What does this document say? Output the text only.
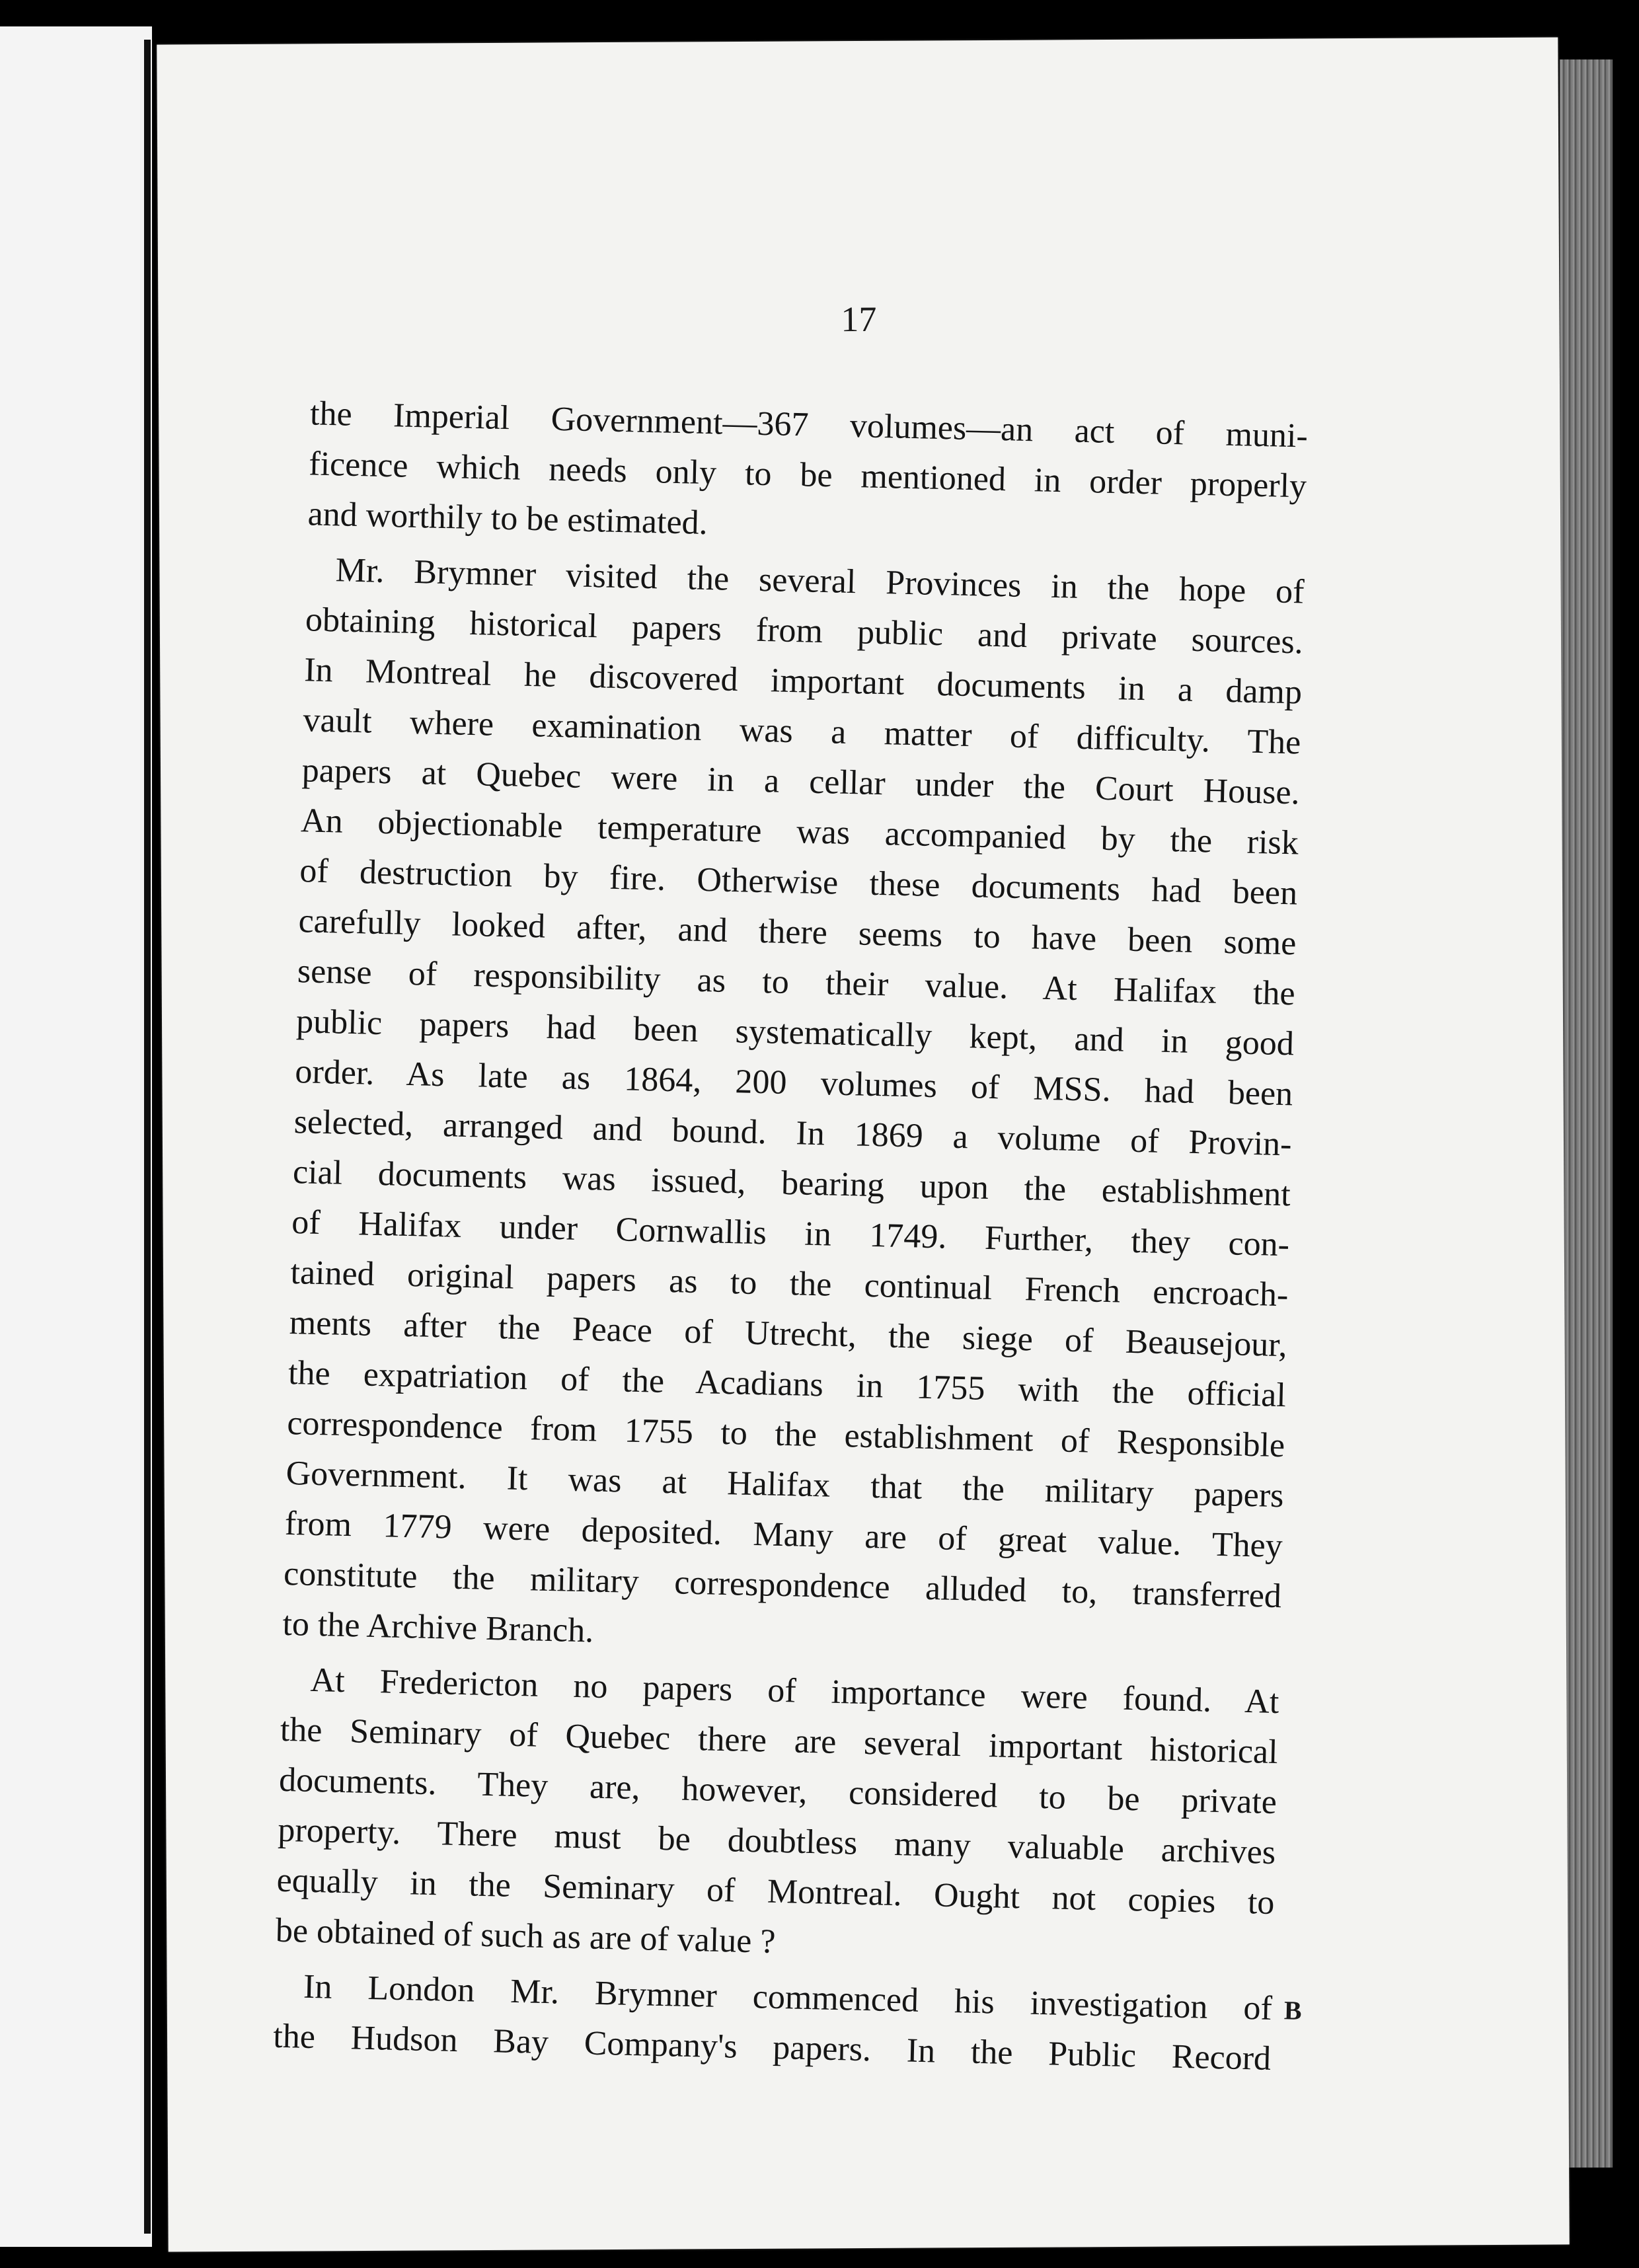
17

the Imperial Government—367 volumes—an act of muni-
ficence which needs only to be mentioned in order properly
and worthily to be estimated.

Mr. Brymner visited the several Provinces in the hope of
obtaining historical papers from public and private sources.
In Montreal he discovered important documents in a damp
vault where examination was a matter of difficulty. The
papers at Quebec were in a cellar under the Court House.
An objectionable temperature was accompanied by the risk
of destruction by fire. Otherwise these documents had been
carefully looked after, and there seems to have been some
sense of responsibility as to their value. At Halifax the
public papers had been systematically kept, and in good
order. As late as 1864, 200 volumes of MSS. had been
selected, arranged and bound. In 1869 a volume of Provin-
cial documents was issued, bearing upon the establishment
of Halifax under Cornwallis in 1749. Further, they con-
tained original papers as to the continual French encroach-
ments after the Peace of Utrecht, the siege of Beausejour,
the expatriation of the Acadians in 1755 with the official
correspondence from 1755 to the establishment of Responsible
Government. It was at Halifax that the military papers
from 1779 were deposited. Many are of great value. They
constitute the military correspondence alluded to, transferred
to the Archive Branch.

At Fredericton no papers of importance were found. At
the Seminary of Quebec there are several important historical
documents. They are, however, considered to be private
property. There must be doubtless many valuable archives
equally in the Seminary of Montreal. Ought not copies to
be obtained of such as are of value ?

In London Mr. Brymner commenced his investigation of
the Hudson Bay Company's papers. In the Public Record

B
